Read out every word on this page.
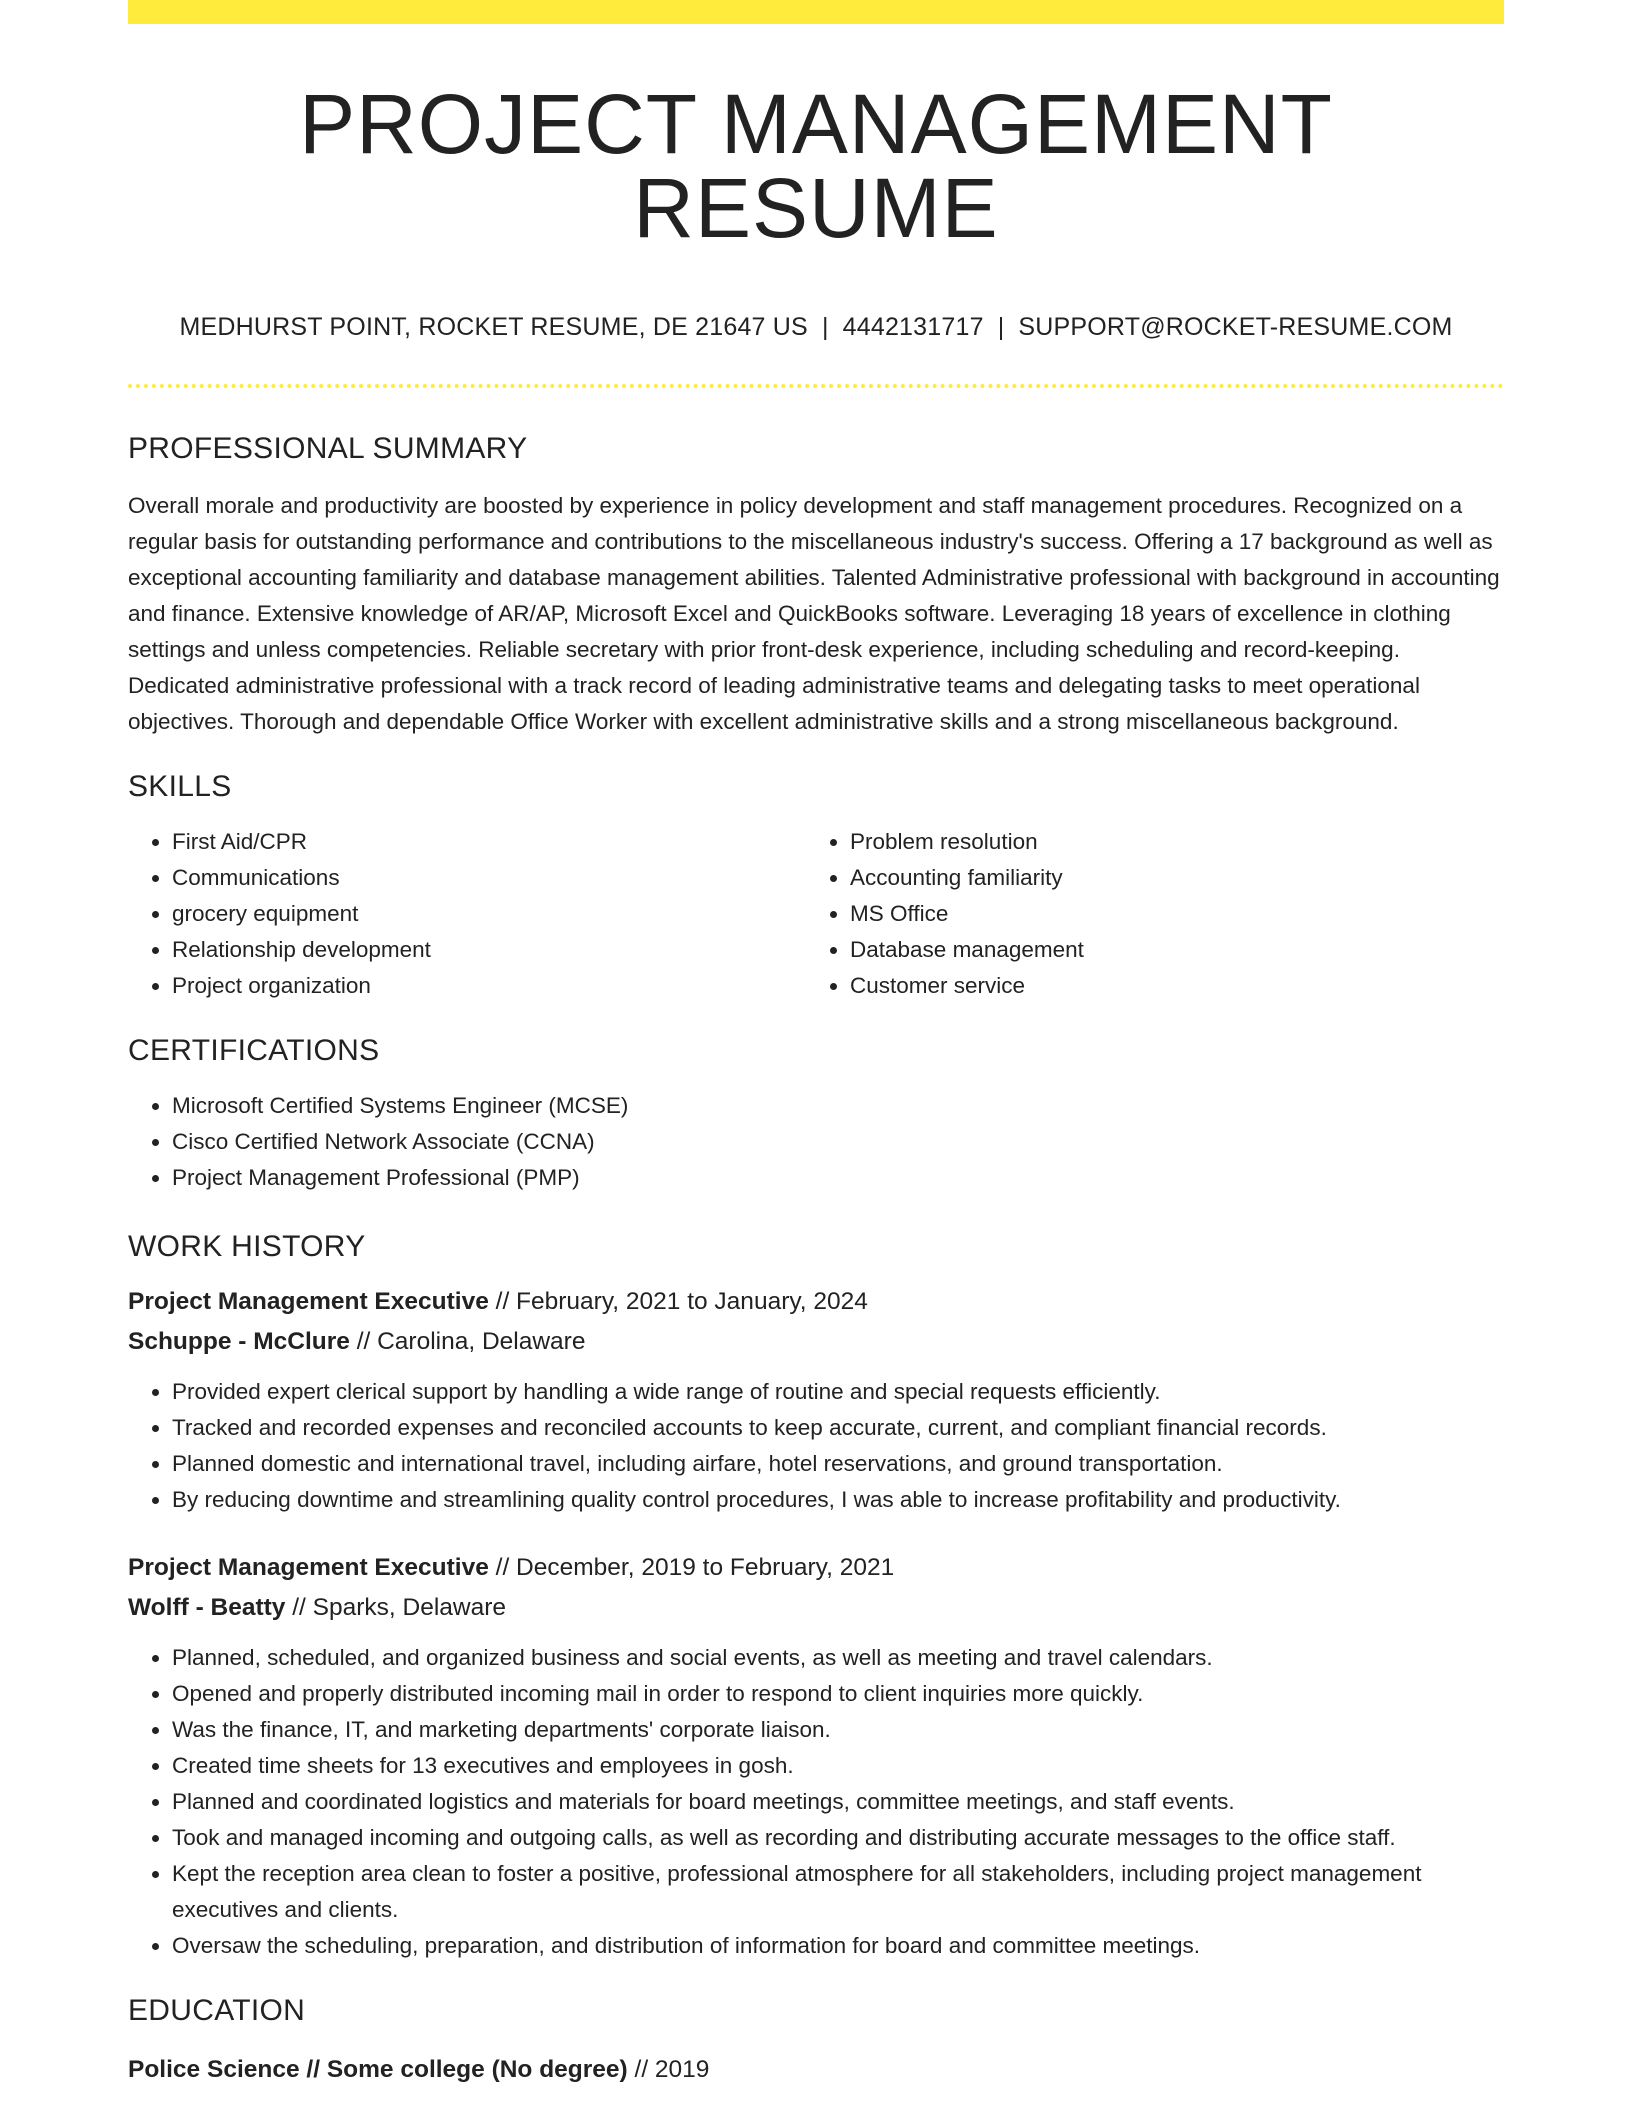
PROJECT MANAGEMENT RESUME
MEDHURST POINT, ROCKET RESUME, DE 21647 US | 4442131717 | SUPPORT@ROCKET-RESUME.COM
PROFESSIONAL SUMMARY

Overall morale and productivity are boosted by experience in policy development and staff management procedures. Recognized on a regular basis for outstanding performance and contributions to the miscellaneous industry's success. Offering a 17 background as well as exceptional accounting familiarity and database management abilities. Talented Administrative professional with background in accounting and finance. Extensive knowledge of AR/AP, Microsoft Excel and QuickBooks software. Leveraging 18 years of excellence in clothing settings and unless competencies. Reliable secretary with prior front-desk experience, including scheduling and record-keeping. Dedicated administrative professional with a track record of leading administrative teams and delegating tasks to meet operational objectives. Thorough and dependable Office Worker with excellent administrative skills and a strong miscellaneous background.

SKILLS
• First Aid/CPR
• Communications
• grocery equipment
• Relationship development
• Project organization
• Problem resolution
• Accounting familiarity
• MS Office
• Database management
• Customer service
CERTIFICATIONS
• Microsoft Certified Systems Engineer (MCSE)
• Cisco Certified Network Associate (CCNA)
• Project Management Professional (PMP)
WORK HISTORY
Project Management Executive // February, 2021 to January, 2024
Schuppe - McClure // Carolina, Delaware
• Provided expert clerical support by handling a wide range of routine and special requests efficiently.
• Tracked and recorded expenses and reconciled accounts to keep accurate, current, and compliant financial records.
• Planned domestic and international travel, including airfare, hotel reservations, and ground transportation.
• By reducing downtime and streamlining quality control procedures, I was able to increase profitability and productivity.
Project Management Executive // December, 2019 to February, 2021
Wolff - Beatty // Sparks, Delaware
• Planned, scheduled, and organized business and social events, as well as meeting and travel calendars.
• Opened and properly distributed incoming mail in order to respond to client inquiries more quickly.
• Was the finance, IT, and marketing departments' corporate liaison.
• Created time sheets for 13 executives and employees in gosh.
• Planned and coordinated logistics and materials for board meetings, committee meetings, and staff events.
• Took and managed incoming and outgoing calls, as well as recording and distributing accurate messages to the office staff.
• Kept the reception area clean to foster a positive, professional atmosphere for all stakeholders, including project management executives and clients.
• Oversaw the scheduling, preparation, and distribution of information for board and committee meetings.
EDUCATION
Police Science // Some college (No degree) // 2019
